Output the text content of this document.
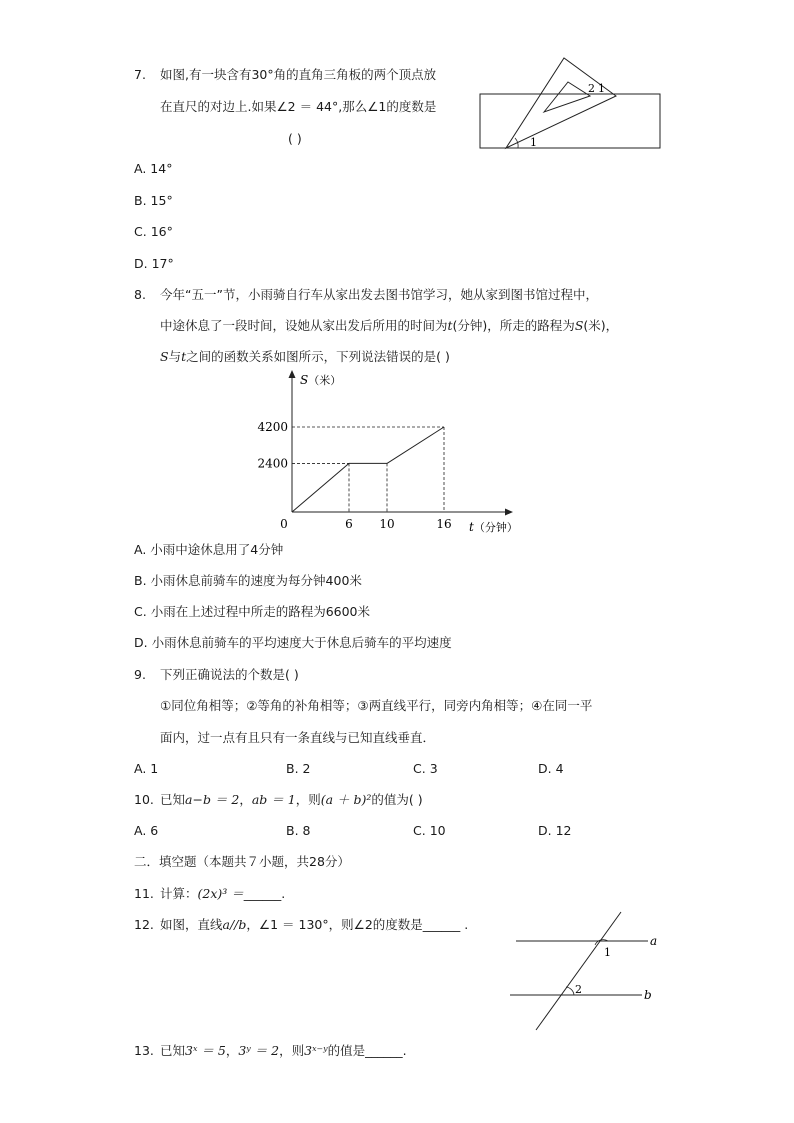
7. 如图,有一块含有30°角的直角三角板的两个顶点放
在直尺的对边上.如果∠2 ＝ 44°,那么∠1的度数是
( )	1
2 1
A. 14°
B. 15°
C. 16°
D. 17°
8. 今年“五一”节，小雨骑自行车从家出发去图书馆学习，她从家到图书馆过程中，
中途休息了一段时间，设她从家出发后所用的时间为t(分钟)，所走的路程为S(米)，
S与t之间的函数关系如图所示，下列说法错误的是( )
6 10	16
2400
4200
0
S（米）
t（分钟）
A. 小雨中途休息用了4分钟
B. 小雨休息前骑车的速度为每分钟400米
C. 小雨在上述过程中所走的路程为6600米
D. 小雨休息前骑车的平均速度大于休息后骑车的平均速度
9. 下列正确说法的个数是( )
①同位角相等；②等角的补角相等；③两直线平行，同旁内角相等；④在同一平
面内，过一点有且只有一条直线与已知直线垂直．
A. 1	B. 2	C. 3	D. 4
10. 已知a−b ＝ 2，ab ＝ 1，则(a ＋ b)²的值为( )
A. 6	B. 8	C. 10	D. 12
二．填空题（本题共７小题，共28分）
11. 计算：(2x)³ ＝______.
12. 如图，直线a//b，∠1 ＝ 130°，则∠2的度数是______ .
a
b
1
2
13. 已知3ˣ ＝ 5，3ʸ ＝ 2，则3ˣ⁻ʸ的值是______.
